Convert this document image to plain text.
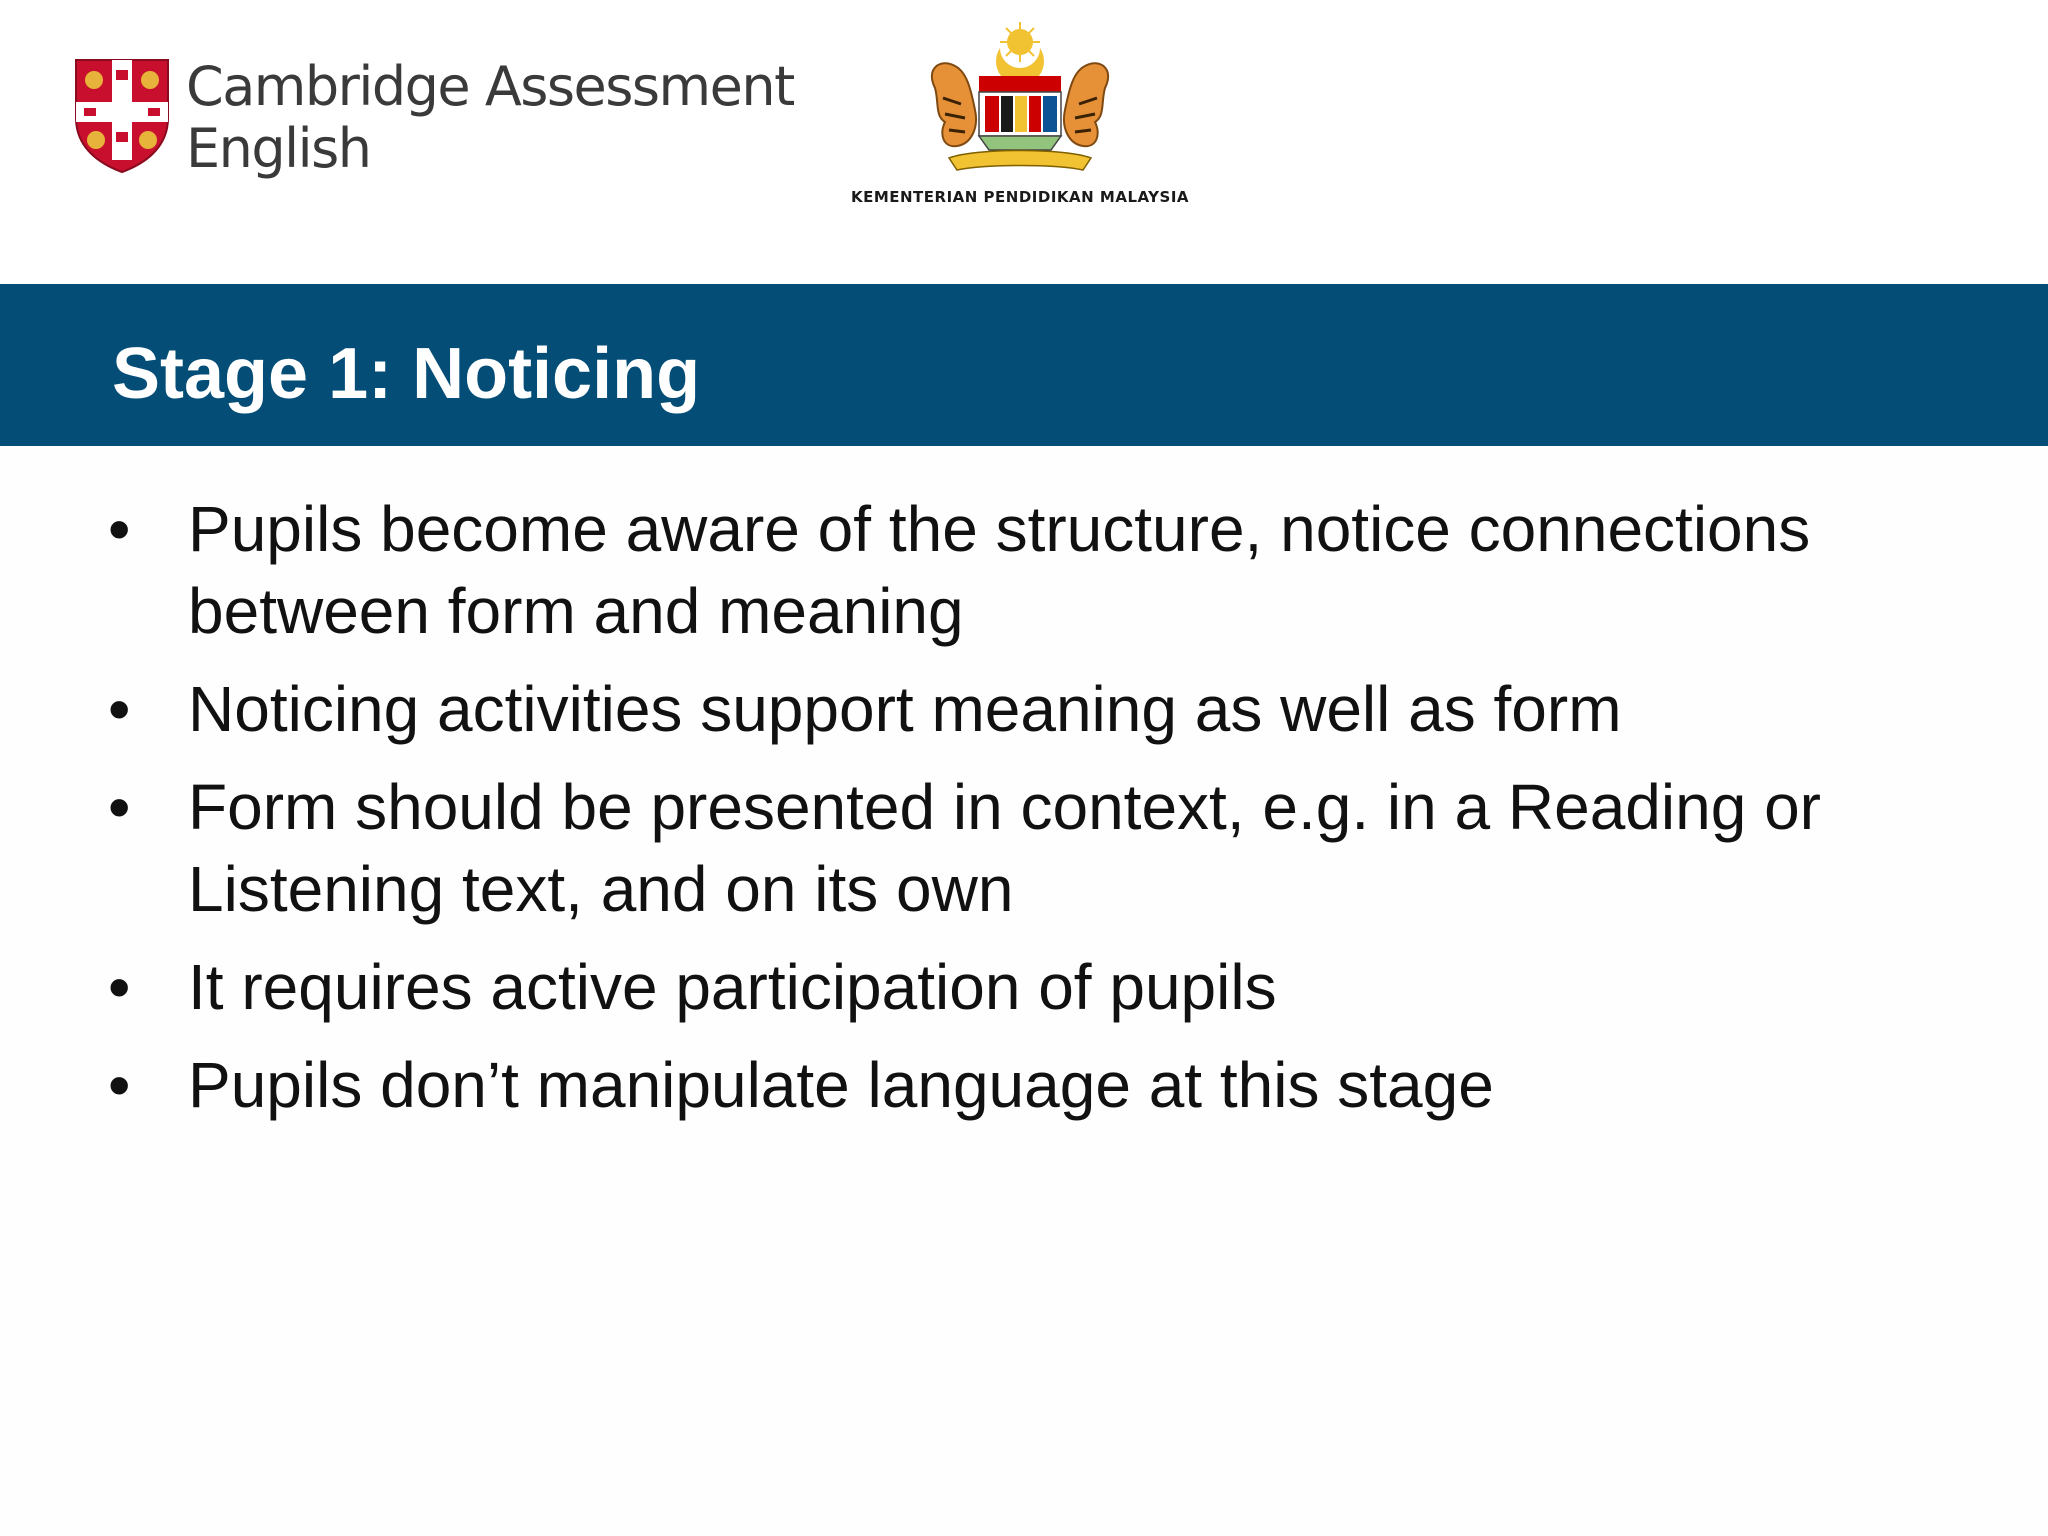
Cambridge Assessment
English
KEMENTERIAN PENDIDIKAN MALAYSIA
Stage 1: Noticing
• Pupils become aware of the structure, notice connections between form and meaning
• Noticing activities support meaning as well as form
• Form should be presented in context, e.g. in a Reading or Listening text, and on its own
• It requires active participation of pupils
• Pupils don’t manipulate language at this stage
